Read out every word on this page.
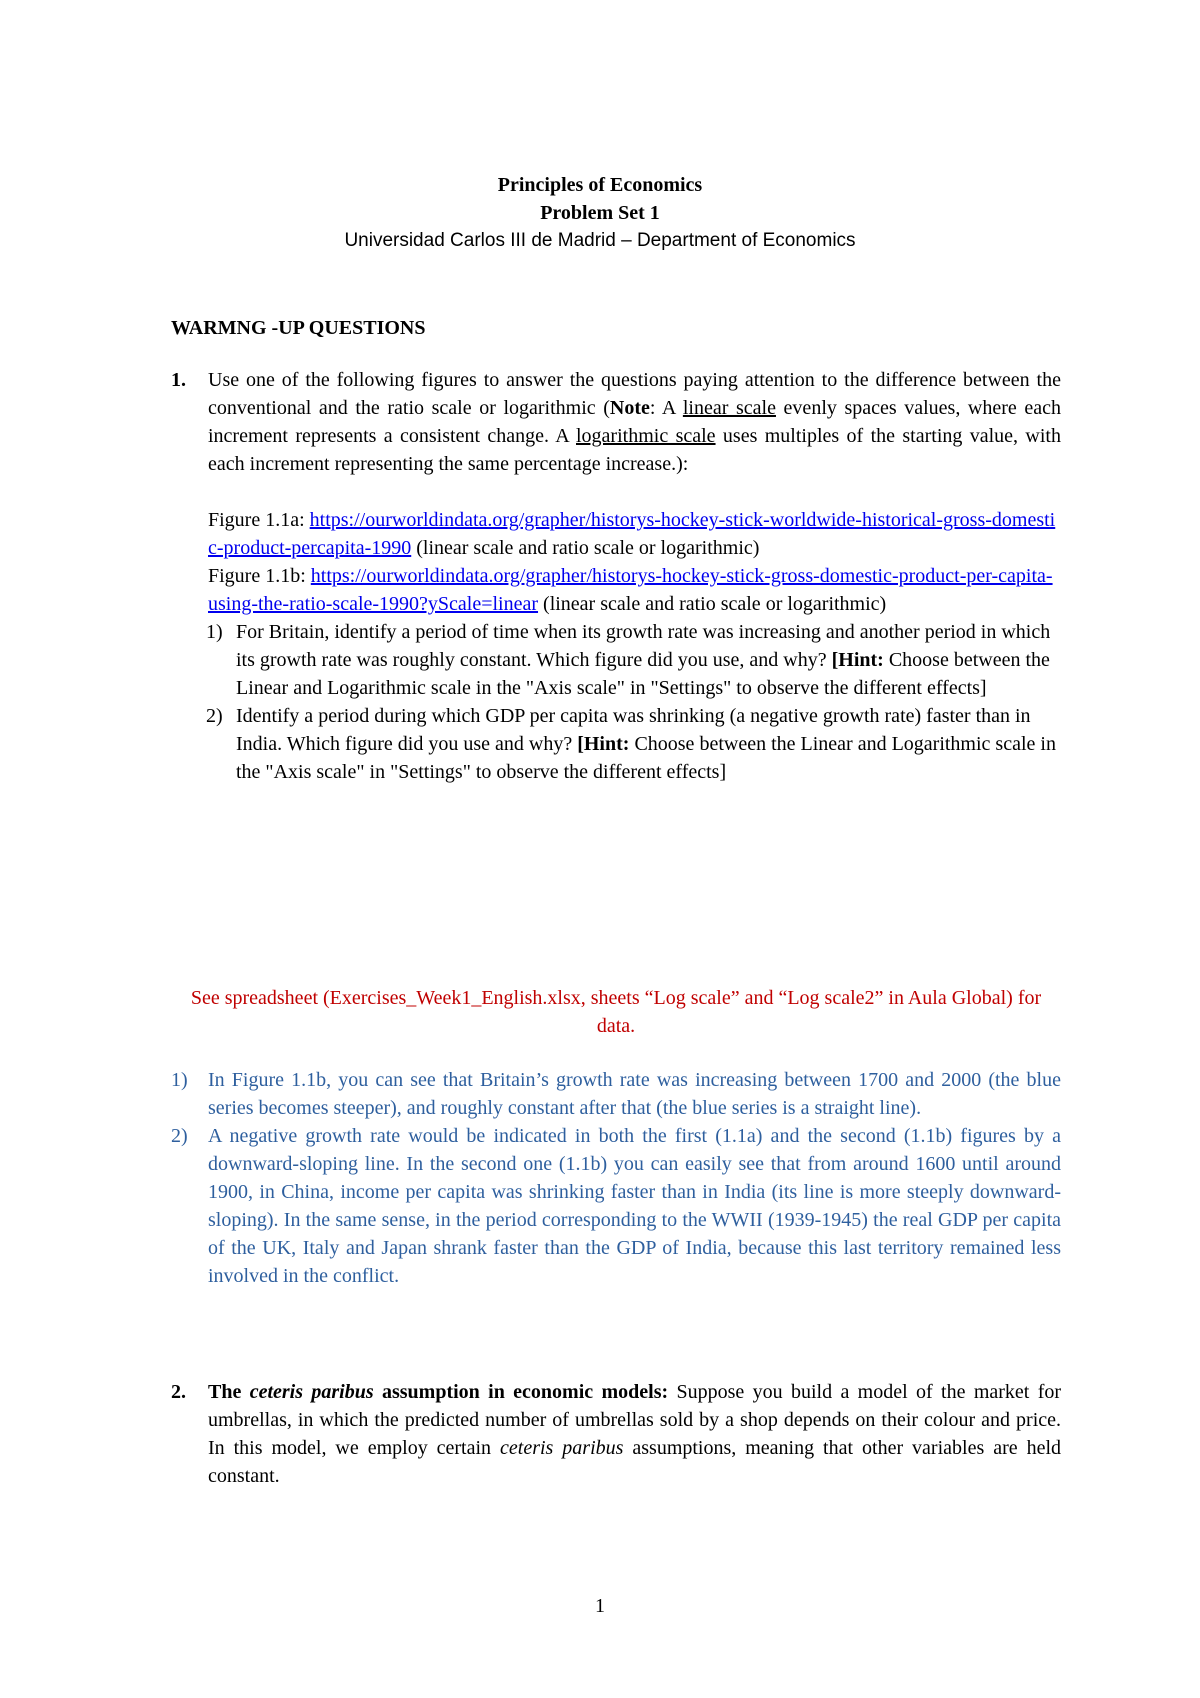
Principles of Economics
Problem Set 1
Universidad Carlos III de Madrid – Department of Economics
WARMNG -UP QUESTIONS
1. Use one of the following figures to answer the questions paying attention to the difference between the conventional and the ratio scale or logarithmic (Note: A linear scale evenly spaces values, where each increment represents a consistent change. A logarithmic scale uses multiples of the starting value, with each increment representing the same percentage increase.):

Figure 1.1a: https://ourworldindata.org/grapher/historys-hockey-stick-worldwide-historical-gross-domestic-product-percapita-1990 (linear scale and ratio scale or logarithmic)

Figure 1.1b: https://ourworldindata.org/grapher/historys-hockey-stick-gross-domestic-product-per-capita-using-the-ratio-scale-1990?yScale=linear (linear scale and ratio scale or logarithmic)

1) For Britain, identify a period of time when its growth rate was increasing and another period in which its growth rate was roughly constant. Which figure did you use, and why? [Hint: Choose between the Linear and Logarithmic scale in the "Axis scale" in "Settings" to observe the different effects]
2) Identify a period during which GDP per capita was shrinking (a negative growth rate) faster than in India. Which figure did you use and why? [Hint: Choose between the Linear and Logarithmic scale in the "Axis scale" in "Settings" to observe the different effects]
See spreadsheet (Exercises_Week1_English.xlsx, sheets “Log scale” and “Log scale2” in Aula Global) for data.
1) In Figure 1.1b, you can see that Britain’s growth rate was increasing between 1700 and 2000 (the blue series becomes steeper), and roughly constant after that (the blue series is a straight line).
2) A negative growth rate would be indicated in both the first (1.1a) and the second (1.1b) figures by a downward-sloping line. In the second one (1.1b) you can easily see that from around 1600 until around 1900, in China, income per capita was shrinking faster than in India (its line is more steeply downward-sloping). In the same sense, in the period corresponding to the WWII (1939-1945) the real GDP per capita of the UK, Italy and Japan shrank faster than the GDP of India, because this last territory remained less involved in the conflict.
2. The ceteris paribus assumption in economic models: Suppose you build a model of the market for umbrellas, in which the predicted number of umbrellas sold by a shop depends on their colour and price. In this model, we employ certain ceteris paribus assumptions, meaning that other variables are held constant.

1
